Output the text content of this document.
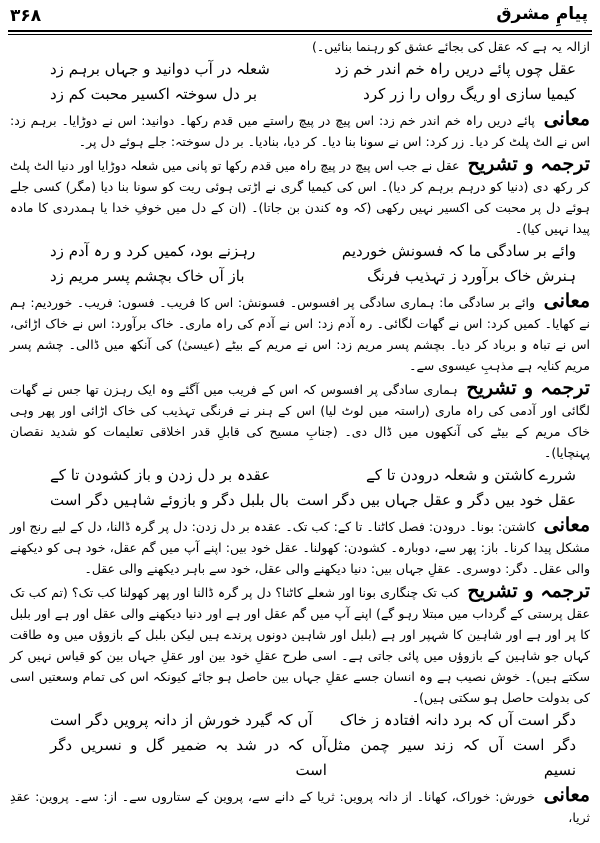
۳۶۸	پیامِ مشرق

ازالہ یہ ہے کہ عقل کی بجائے عشق کو رہنما بنائیں۔)

عقل چوں پائے دریں راہ خم اندر خم زد
شعلہ در آب دوانید و جہاں برہم زد
کیمیا سازی او ریگ رواں را زر کرد
بر دل سوختہ اکسیر محبت کم زد

معانی پائے دریں راہ خم اندر خم زد: اس پیچ در پیچ راستے میں قدم رکھا۔ دوانید: اس نے دوڑایا۔ برہم زد: اس نے الٹ پلٹ کر دیا۔ زر کرد: اس نے سونا بنا دیا۔ کر دیا، بنادیا۔ بر دل سوختہ: جلے ہوئے دل پر۔

ترجمہ و تشریح عقل نے جب اس پیچ در پیچ راہ میں قدم رکھا تو پانی میں شعلہ دوڑایا اور دنیا الٹ پلٹ کر رکھ دی (دنیا کو درہم برہم کر دیا)۔ اس کی کیمیا گری نے اڑتی ہوئی ریت کو سونا بنا دیا (مگر) کسی جلے ہوئے دل پر محبت کی اکسیر نہیں رکھی (کہ وہ کندن بن جاتا)۔ (ان کے دل میں خوفِ خدا یا ہمدردی کا مادہ پیدا نہیں کیا)۔

وائے بر سادگی ما کہ فسونش خوردیم
رہزنے بود، کمیں کرد و رہ آدم زد
ہنرش خاک برآورد ز تہذیب فرنگ
باز آں خاک بچشم پسر مریم زد

معانی وائے بر سادگی ما: ہماری سادگی پر افسوس۔ فسونش: اس کا فریب۔ فسوں: فریب۔ خوردیم: ہم نے کھایا۔ کمیں کرد: اس نے گھات لگائی۔ رہ آدم زد: اس نے آدم کی راہ ماری۔ خاک برآورد: اس نے خاک اڑائی، اس نے تباہ و برباد کر دیا۔ بچشم پسر مریم زد: اس نے مریم کے بیٹے (عیسیٰ) کی آنکھ میں ڈالی۔ چشم پسر مریم کنایہ ہے مذہبِ عیسوی سے۔

ترجمہ و تشریح ہماری سادگی پر افسوس کہ اس کے فریب میں آگئے وہ ایک رہزن تھا جس نے گھات لگائی اور آدمی کی راہ ماری (راستہ میں لوٹ لیا) اس کے ہنر نے فرنگی تہذیب کی خاک اڑائی اور پھر وہی خاک مریم کے بیٹے کی آنکھوں میں ڈال دی۔ (جنابِ مسیح کی قابلِ قدر اخلاقی تعلیمات کو شدید نقصان پہنچایا)۔

شررے کاشتن و شعلہ درودن تا کے
عقدہ بر دل زدن و باز کشودن تا کے
عقل خود بیں دگر و عقل جہاں بیں دگر است
بال بلبل دگر و بازوئے شاہیں دگر است

معانی کاشتن: بونا۔ درودن: فصل کاٹنا۔ تا کے: کب تک۔ عقدہ بر دل زدن: دل پر گرہ ڈالنا، دل کے لیے رنج اور مشکل پیدا کرنا۔ باز: پھر سے، دوبارہ۔ کشودن: کھولنا۔ عقل خود بیں: اپنے آپ میں گم عقل، خود ہی کو دیکھنے والی عقل۔ دگر: دوسری۔ عقلِ جہاں بیں: دنیا دیکھنے والی عقل، خود سے باہر دیکھنے والی عقل۔

ترجمہ و تشریح کب تک چنگاری بونا اور شعلے کاٹنا؟ دل پر گرہ ڈالنا اور پھر کھولنا کب تک؟ (تم کب تک عقل پرستی کے گرداب میں مبتلا رہو گے) اپنے آپ میں گم عقل اور ہے اور دنیا دیکھنے والی عقل اور ہے اور بلبل کا پر اور ہے اور شاہین کا شہپر اور ہے (بلبل اور شاہین دونوں پرندے ہیں لیکن بلبل کے بازوؤں میں وہ طاقت کہاں جو شاہین کے بازوؤں میں پائی جاتی ہے۔ اسی طرح عقلِ خود بین اور عقلِ جہاں بین کو قیاس نہیں کر سکتے ہیں)۔ خوش نصیب ہے وہ انسان جسے عقلِ جہاں بین حاصل ہو جائے کیونکہ اس کی تمام وسعتیں اسی کی بدولت حاصل ہو سکتی ہیں)۔

دگر است آں کہ برد دانہ افتادہ ز خاک
آں کہ گیرد خورش از دانہ پرویں دگر است
دگر است آں کہ زند سیر چمن مثل نسیم
آں کہ در شد بہ ضمیر گل و نسریں دگر است

معانی خورش: خوراک، کھانا۔ از دانہ پرویں: ثریا کے دانے سے، پروین کے ستاروں سے۔ از: سے۔ پروین: عقدِ ثریا،
